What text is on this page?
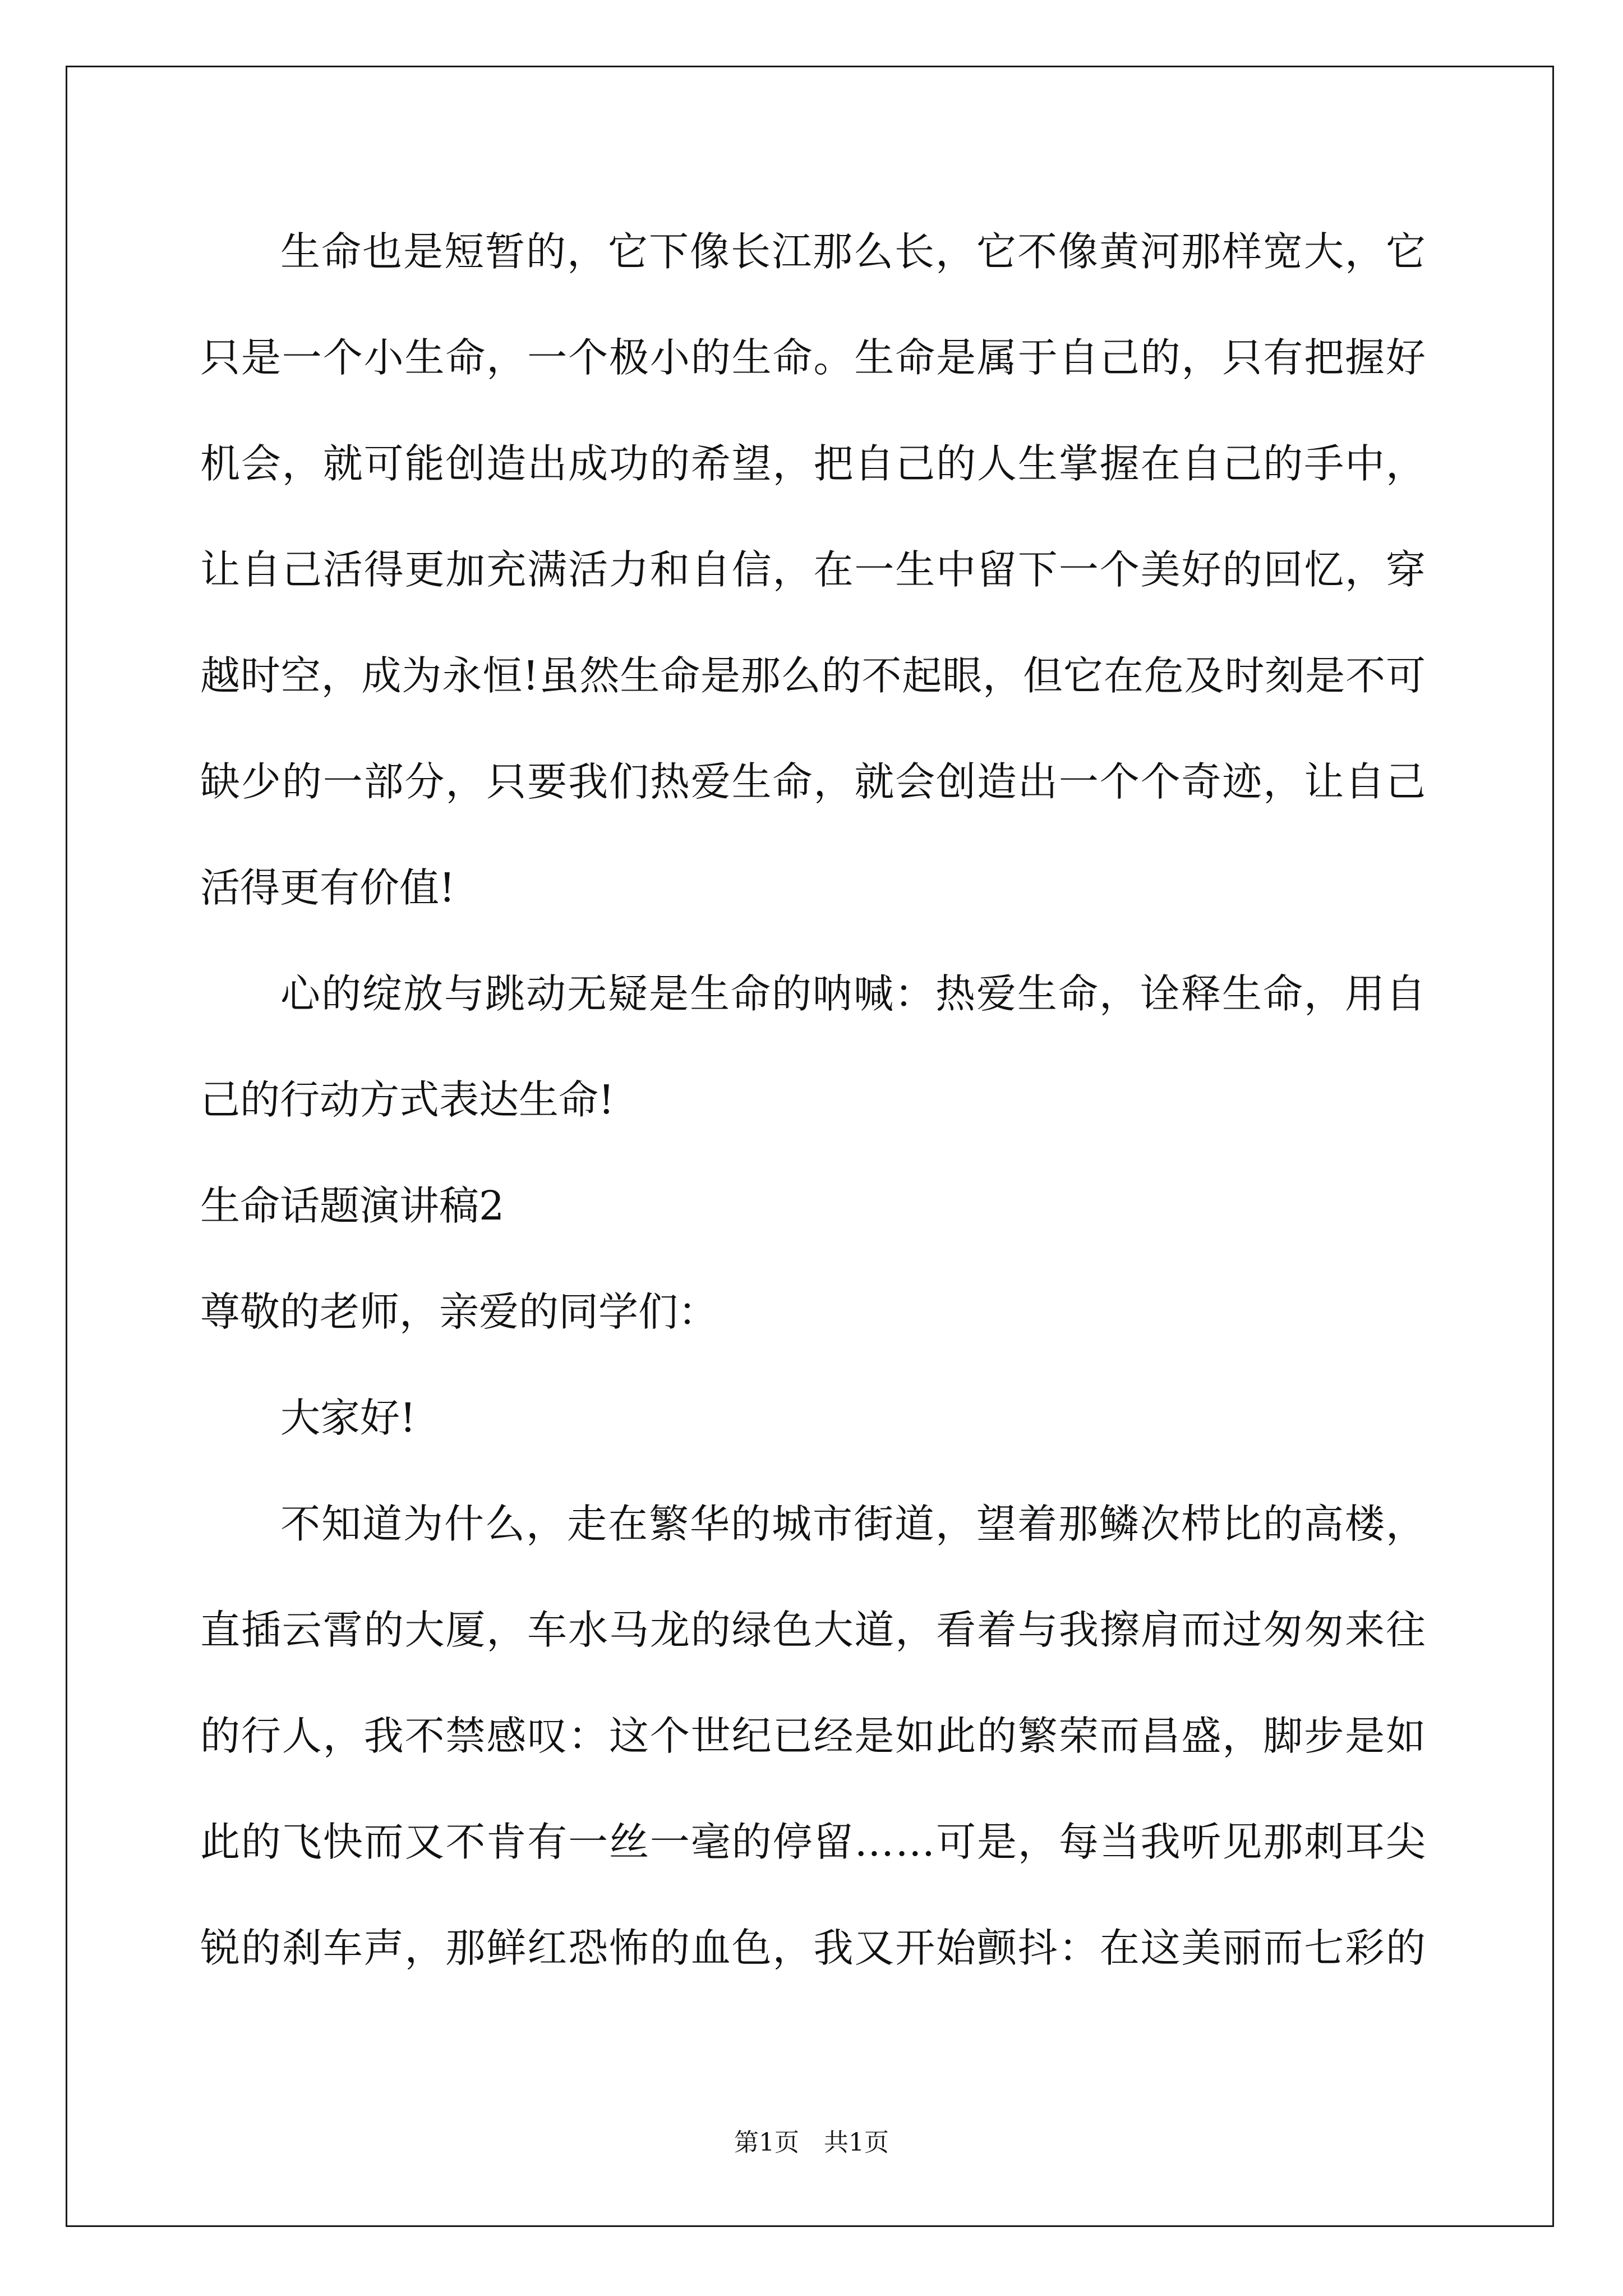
生命也是短暂的，它下像长江那么长，它不像黄河那样宽大，它
只是一个小生命，一个极小的生命。生命是属于自己的，只有把握好
机会，就可能创造出成功的希望，把自己的人生掌握在自己的手中，
让自己活得更加充满活力和自信，在一生中留下一个美好的回忆，穿
越时空，成为永恒!虽然生命是那么的不起眼，但它在危及时刻是不可
缺少的一部分，只要我们热爱生命，就会创造出一个个奇迹，让自己
活得更有价值!
心的绽放与跳动无疑是生命的呐喊：热爱生命，诠释生命，用自
己的行动方式表达生命!
生命话题演讲稿2
尊敬的老师，亲爱的同学们：
大家好!
不知道为什么，走在繁华的城市街道，望着那鳞次栉比的高楼，
直插云霄的大厦，车水马龙的绿色大道，看着与我擦肩而过匆匆来往
的行人，我不禁感叹：这个世纪已经是如此的繁荣而昌盛，脚步是如
此的飞快而又不肯有一丝一毫的停留……可是，每当我听见那刺耳尖
锐的刹车声，那鲜红恐怖的血色，我又开始颤抖：在这美丽而七彩的
第1页　共1页
